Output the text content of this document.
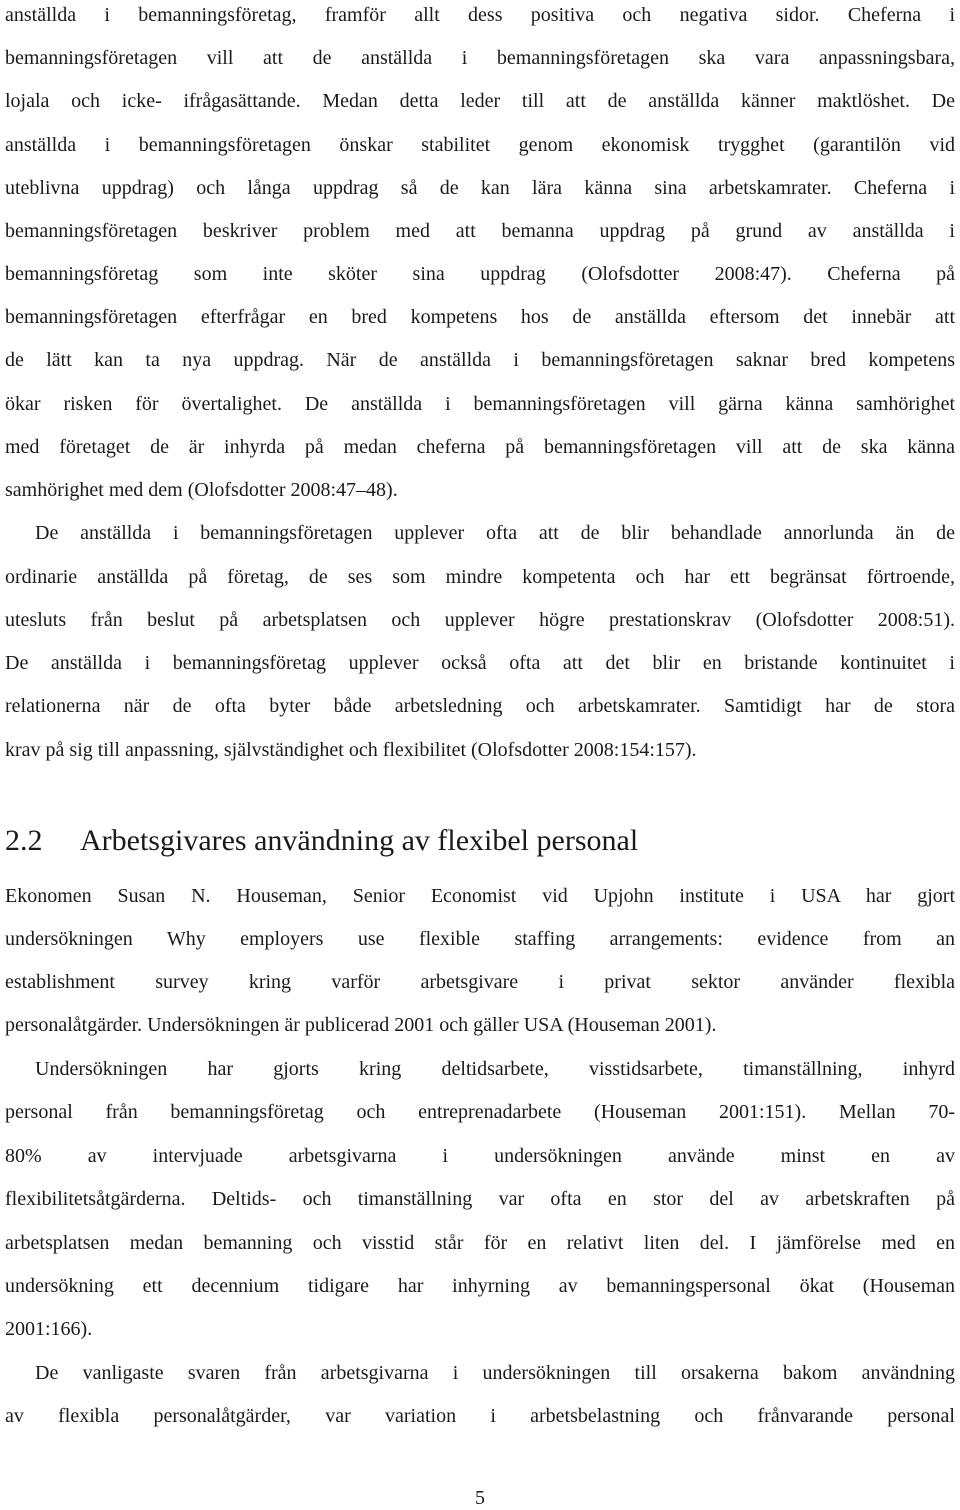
anställda i bemanningsföretag, framför allt dess positiva och negativa sidor. Cheferna i
bemanningsföretagen vill att de anställda i bemanningsföretagen ska vara anpassningsbara,
lojala och icke- ifrågasättande. Medan detta leder till att de anställda känner maktlöshet. De
anställda i bemanningsföretagen önskar stabilitet genom ekonomisk trygghet (garantilön vid
uteblivna uppdrag) och långa uppdrag så de kan lära känna sina arbetskamrater. Cheferna i
bemanningsföretagen beskriver problem med att bemanna uppdrag på grund av anställda i
bemanningsföretag som inte sköter sina uppdrag (Olofsdotter 2008:47). Cheferna på
bemanningsföretagen efterfrågar en bred kompetens hos de anställda eftersom det innebär att
de lätt kan ta nya uppdrag. När de anställda i bemanningsföretagen saknar bred kompetens
ökar risken för övertalighet. De anställda i bemanningsföretagen vill gärna känna samhörighet
med företaget de är inhyrda på medan cheferna på bemanningsföretagen vill att de ska känna
samhörighet med dem (Olofsdotter 2008:47–48).
De anställda i bemanningsföretagen upplever ofta att de blir behandlade annorlunda än de
ordinarie anställda på företag, de ses som mindre kompetenta och har ett begränsat förtroende,
utesluts från beslut på arbetsplatsen och upplever högre prestationskrav (Olofsdotter 2008:51).
De anställda i bemanningsföretag upplever också ofta att det blir en bristande kontinuitet i
relationerna när de ofta byter både arbetsledning och arbetskamrater. Samtidigt har de stora
krav på sig till anpassning, självständighet och flexibilitet (Olofsdotter 2008:154:157).
2.2 Arbetsgivares användning av flexibel personal
Ekonomen Susan N. Houseman, Senior Economist vid Upjohn institute i USA har gjort
undersökningen Why employers use flexible staffing arrangements: evidence from an
establishment survey kring varför arbetsgivare i privat sektor använder flexibla
personalåtgärder. Undersökningen är publicerad 2001 och gäller USA (Houseman 2001).
Undersökningen har gjorts kring deltidsarbete, visstidsarbete, timanställning, inhyrd
personal från bemanningsföretag och entreprenadarbete (Houseman 2001:151). Mellan 70-
80% av intervjuade arbetsgivarna i undersökningen använde minst en av
flexibilitetsåtgärderna. Deltids- och timanställning var ofta en stor del av arbetskraften på
arbetsplatsen medan bemanning och visstid står för en relativt liten del. I jämförelse med en
undersökning ett decennium tidigare har inhyrning av bemanningspersonal ökat (Houseman
2001:166).
De vanligaste svaren från arbetsgivarna i undersökningen till orsakerna bakom användning
av flexibla personalåtgärder, var variation i arbetsbelastning och frånvarande personal
5
